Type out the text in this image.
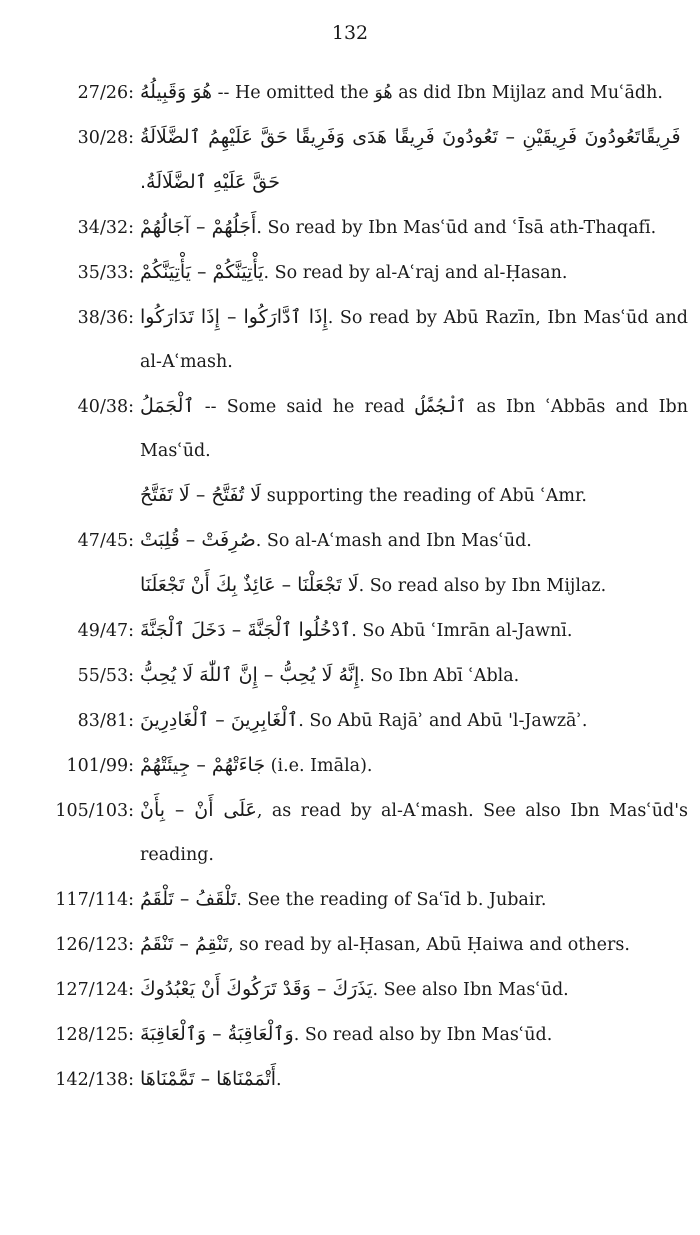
132
27/26: هُوَ وَقَبِيلُهُ -- He omitted the هُوَ as did Ibn Mijlaz and Muʿādh.
30/28: تَعُودُونَ فَرِيقَيْنِ – تَعُودُونَ فَرِيقًا هَدَى وَفَرِيقًا حَقَّ عَلَيْهِمُ ٱلضَّلَالَةُ فَرِيقًا حَقَّ عَلَيْهِ ٱلضَّلَالَةُ.
34/32: أَجَلُهُمْ – آجَالُهُمْ. So read by Ibn Masʿūd and ʿĪsā ath-Thaqafī.
35/33: يَأْتِيَنَّكُمْ – يَأْتِيَنَّكُمْ. So read by al-Aʿraj and al-Ḥasan.
38/36: إِذَا ٱدَّارَكُوا – إِذَا تَدَارَكُوا. So read by Abū Razīn, Ibn Masʿūd and al-Aʿmash.
40/38: ٱلْجَمَلُ -- Some said he read ٱلْجُمَّلُ as Ibn ʿAbbās and Ibn Masʿūd.
لَا تُفَتَّحُ – لَا تَفَتَّحُ supporting the reading of Abū ʿAmr.
47/45: صُرِفَتْ – قُلِبَتْ. So al-Aʿmash and Ibn Masʿūd.
لَا تَجْعَلْنَا – عَائِذٌ بِكَ أَنْ تَجْعَلَنَا. So read also by Ibn Mijlaz.
49/47: ٱدْخُلُوا ٱلْجَنَّةَ – دَخَلَ ٱلْجَنَّةَ. So Abū ʿImrān al-Jawnī.
55/53: إِنَّهُ لَا يُحِبُّ – إِنَّ ٱللّٰهَ لَا يُحِبُّ. So Ibn Abī ʿAbla.
83/81: ٱلْغَابِرِينَ – ٱلْغَادِرِينَ. So Abū Rajāʾ and Abū 'l-Jawzāʾ.
101/99: جَاءَتْهُمْ – جِيئَتْهُمْ (i.e. Imāla).
105/103: عَلَى أَنْ – بِأَنْ, as read by al-Aʿmash. See also Ibn Masʿūd's reading.
117/114: تَلْقَفُ – تَلْقَمُ. See the reading of Saʿīd b. Jubair.
126/123: تَنْقِمُ – تَنْقَمُ, so read by al-Ḥasan, Abū Ḥaiwa and others.
127/124: يَذَرَكَ – وَقَدْ تَرَكُوكَ أَنْ يَعْبُدُوكَ. See also Ibn Masʿūd.
128/125: وَٱلْعَاقِبَةُ – وَٱلْعَاقِبَةَ. So read also by Ibn Masʿūd.
142/138: أَتْمَمْنَاهَا – تَمَّمْنَاهَا.
